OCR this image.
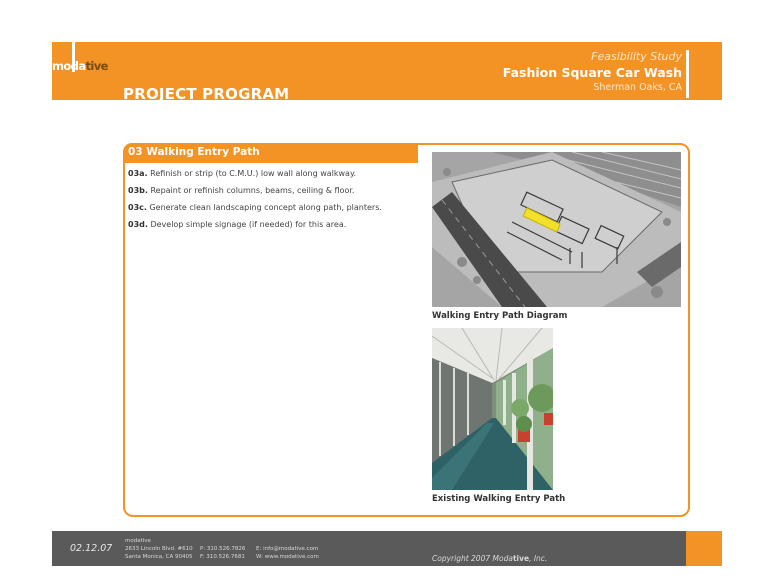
modative
PROJECT PROGRAM
Feasibility Study
Fashion Square Car Wash
Sherman Oaks, CA
03 Walking Entry Path
03a. Refinish or strip (to C.M.U.) low wall along walkway.
03b. Repaint or refinish columns, beams, ceiling & floor.
03c. Generate clean landscaping concept along path, planters.
03d. Develop simple signage (if needed) for this area.
Walking Entry Path Diagram
Existing Walking Entry Path
02.12.07
modative
2633 Lincoln Blvd. #610
Santa Monica, CA 90405
P: 310.526.7826
F: 310.526.7681
E: info@modative.com
W: www.modative.com	Copyright 2007 Modative, Inc.
